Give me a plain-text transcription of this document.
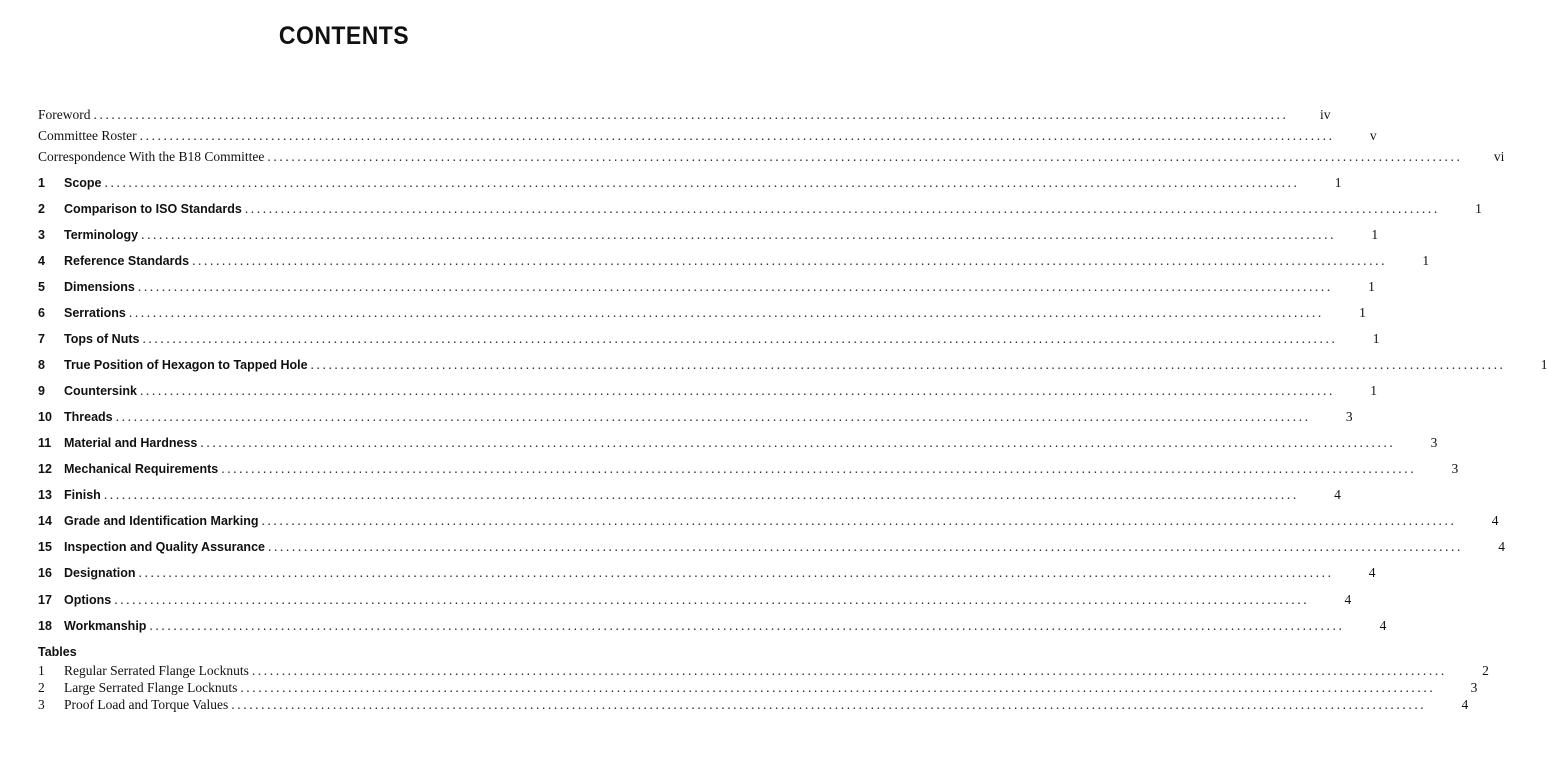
CONTENTS
Foreword ........................................................................................................................................................................................................	iv
Committee Roster ........................................................................................................................................................................................................	v
Correspondence With the B18 Committee ........................................................................................................................................................................................................	vi
1	Scope ........................................................................................................................................................................................................	1
2	Comparison to ISO Standards ........................................................................................................................................................................................................	1
3	Terminology ........................................................................................................................................................................................................	1
4	Reference Standards ........................................................................................................................................................................................................	1
5	Dimensions ........................................................................................................................................................................................................	1
6	Serrations ........................................................................................................................................................................................................	1
7	Tops of Nuts ........................................................................................................................................................................................................	1
8	True Position of Hexagon to Tapped Hole ........................................................................................................................................................................................................	1
9	Countersink ........................................................................................................................................................................................................	1
10 Threads ........................................................................................................................................................................................................	3
11	Material and Hardness ........................................................................................................................................................................................................	3
12 Mechanical Requirements ........................................................................................................................................................................................................	3
13 Finish ........................................................................................................................................................................................................	4
14 Grade and Identification Marking ........................................................................................................................................................................................................	4
15 Inspection and Quality Assurance ........................................................................................................................................................................................................	4
16 Designation ........................................................................................................................................................................................................	4
17 Options ........................................................................................................................................................................................................	4
18 Workmanship ........................................................................................................................................................................................................	4
Tables
1	Regular Serrated Flange Locknuts ........................................................................................................................................................................................................	2
2	Large Serrated Flange Locknuts ........................................................................................................................................................................................................	3
3	Proof Load and Torque Values ........................................................................................................................................................................................................	4
